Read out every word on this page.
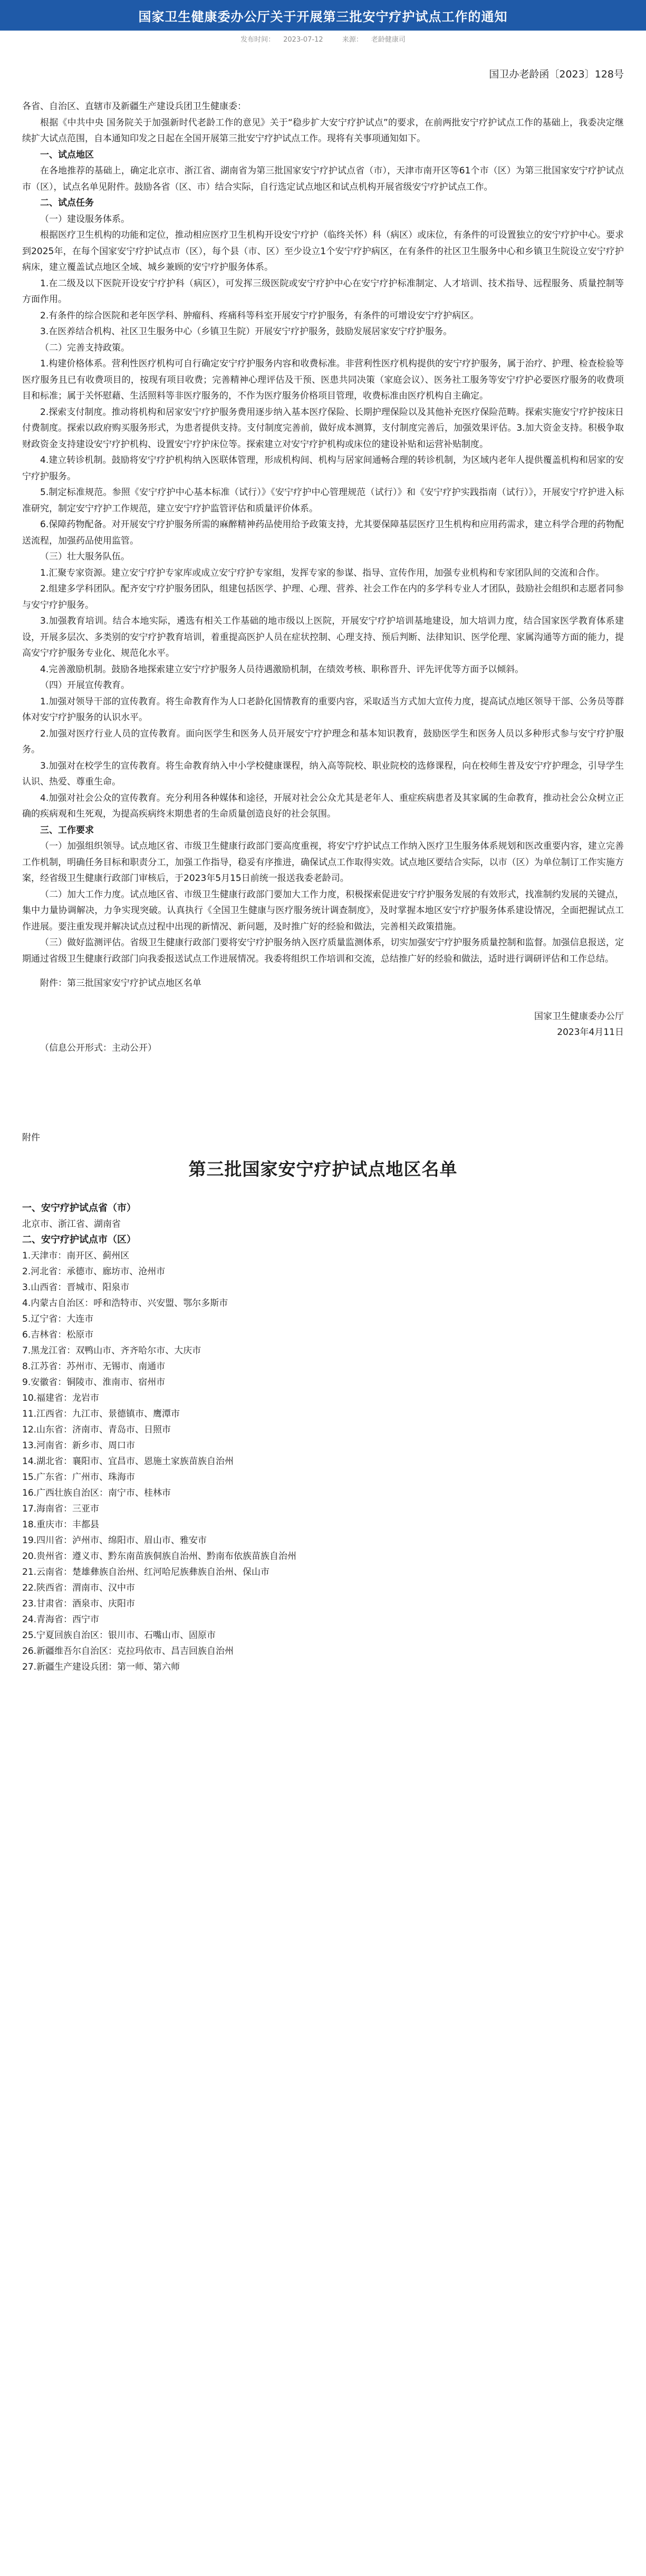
国家卫生健康委办公厅关于开展第三批安宁疗护试点工作的通知
发布时间： 2023-07-12	来源： 老龄健康司
国卫办老龄函〔2023〕128号

各省、自治区、直辖市及新疆生产建设兵团卫生健康委：

根据《中共中央 国务院关于加强新时代老龄工作的意见》关于“稳步扩大安宁疗护试点”的要求，在前两批安宁疗护试点工作的基础上，我委决定继续扩大试点范围，自本通知印发之日起在全国开展第三批安宁疗护试点工作。现将有关事项通知如下。

一、试点地区

在各地推荐的基础上，确定北京市、浙江省、湖南省为第三批国家安宁疗护试点省（市），天津市南开区等61个市（区）为第三批国家安宁疗护试点市（区），试点名单见附件。鼓励各省（区、市）结合实际，自行选定试点地区和试点机构开展省级安宁疗护试点工作。

二、试点任务

（一）建设服务体系。

根据医疗卫生机构的功能和定位，推动相应医疗卫生机构开设安宁疗护（临终关怀）科（病区）或床位，有条件的可设置独立的安宁疗护中心。要求到2025年，在每个国家安宁疗护试点市（区），每个县（市、区）至少设立1个安宁疗护病区，在有条件的社区卫生服务中心和乡镇卫生院设立安宁疗护病床，建立覆盖试点地区全域、城乡兼顾的安宁疗护服务体系。

1.在二级及以下医院开设安宁疗护科（病区），可发挥三级医院或安宁疗护中心在安宁疗护标准制定、人才培训、技术指导、远程服务、质量控制等方面作用。

2.有条件的综合医院和老年医学科、肿瘤科、疼痛科等科室开展安宁疗护服务，有条件的可增设安宁疗护病区。

3.在医养结合机构、社区卫生服务中心（乡镇卫生院）开展安宁疗护服务，鼓励发展居家安宁疗护服务。

（二）完善支持政策。

1.构建价格体系。营利性医疗机构可自行确定安宁疗护服务内容和收费标准。非营利性医疗机构提供的安宁疗护服务，属于治疗、护理、检查检验等医疗服务且已有收费项目的，按现有项目收费；完善精神心理评估及干预、医患共同决策（家庭会议）、医务社工服务等安宁疗护必要医疗服务的收费项目和标准；属于关怀慰藉、生活照料等非医疗服务的，不作为医疗服务价格项目管理，收费标准由医疗机构自主确定。

2.探索支付制度。推动将机构和居家安宁疗护服务费用逐步纳入基本医疗保险、长期护理保险以及其他补充医疗保险范畴。探索实施安宁疗护按床日付费制度。探索以政府购买服务形式，为患者提供支持。支付制度完善前，做好成本测算，支付制度完善后，加强效果评估。3.加大资金支持。积极争取财政资金支持建设安宁疗护机构、设置安宁疗护床位等。探索建立对安宁疗护机构或床位的建设补贴和运营补贴制度。

4.建立转诊机制。鼓励将安宁疗护机构纳入医联体管理，形成机构间、机构与居家间通畅合理的转诊机制，为区域内老年人提供覆盖机构和居家的安宁疗护服务。

5.制定标准规范。参照《安宁疗护中心基本标准（试行）》《安宁疗护中心管理规范（试行）》和《安宁疗护实践指南（试行）》，开展安宁疗护进入标准研究，制定安宁疗护工作规范，建立安宁疗护监管评估和质量评价体系。

6.保障药物配备。对开展安宁疗护服务所需的麻醉精神药品使用给予政策支持，尤其要保障基层医疗卫生机构和应用药需求，建立科学合理的药物配送流程，加强药品使用监管。

（三）壮大服务队伍。

1.汇聚专家资源。建立安宁疗护专家库或成立安宁疗护专家组，发挥专家的参谋、指导、宣传作用，加强专业机构和专家团队间的交流和合作。

2.组建多学科团队。配齐安宁疗护服务团队，组建包括医学、护理、心理、营养、社会工作在内的多学科专业人才团队，鼓励社会组织和志愿者同参与安宁疗护服务。

3.加强教育培训。结合本地实际，遴选有相关工作基础的地市级以上医院，开展安宁疗护培训基地建设，加大培训力度，结合国家医学教育体系建设，开展多层次、多类别的安宁疗护教育培训，着重提高医护人员在症状控制、心理支持、预后判断、法律知识、医学伦理、家属沟通等方面的能力，提高安宁疗护服务专业化、规范化水平。

4.完善激励机制。鼓励各地探索建立安宁疗护服务人员待遇激励机制，在绩效考核、职称晋升、评先评优等方面予以倾斜。

（四）开展宣传教育。

1.加强对领导干部的宣传教育。将生命教育作为人口老龄化国情教育的重要内容，采取适当方式加大宣传力度，提高试点地区领导干部、公务员等群体对安宁疗护服务的认识水平。

2.加强对医疗行业人员的宣传教育。面向医学生和医务人员开展安宁疗护理念和基本知识教育，鼓励医学生和医务人员以多种形式参与安宁疗护服务。

3.加强对在校学生的宣传教育。将生命教育纳入中小学校健康课程，纳入高等院校、职业院校的选修课程，向在校师生普及安宁疗护理念，引导学生认识、热爱、尊重生命。

4.加强对社会公众的宣传教育。充分利用各种媒体和途径，开展对社会公众尤其是老年人、重症疾病患者及其家属的生命教育，推动社会公众树立正确的疾病观和生死观，为提高疾病终末期患者的生命质量创造良好的社会氛围。

三、工作要求

（一）加强组织领导。试点地区省、市级卫生健康行政部门要高度重视，将安宁疗护试点工作纳入医疗卫生服务体系规划和医改重要内容，建立完善工作机制，明确任务目标和职责分工，加强工作指导，稳妥有序推进，确保试点工作取得实效。试点地区要结合实际，以市（区）为单位制订工作实施方案，经省级卫生健康行政部门审核后，于2023年5月15日前统一报送我委老龄司。

（二）加大工作力度。试点地区省、市级卫生健康行政部门要加大工作力度，积极探索促进安宁疗护服务发展的有效形式，找准制约发展的关键点，集中力量协调解决，力争实现突破。认真执行《全国卫生健康与医疗服务统计调查制度》，及时掌握本地区安宁疗护服务体系建设情况，全面把握试点工作进展。要注重发现并解决试点过程中出现的新情况、新问题，及时推广好的经验和做法，完善相关政策措施。

（三）做好监测评估。省级卫生健康行政部门要将安宁疗护服务纳入医疗质量监测体系，切实加强安宁疗护服务质量控制和监督。加强信息报送，定期通过省级卫生健康行政部门向我委报送试点工作进展情况。我委将组织工作培训和交流，总结推广好的经验和做法，适时进行调研评估和工作总结。

附件：第三批国家安宁疗护试点地区名单

国家卫生健康委办公厅
2023年4月11日

（信息公开形式：主动公开）

附件
第三批国家安宁疗护试点地区名单
一、安宁疗护试点省（市）
北京市、浙江省、湖南省
二、安宁疗护试点市（区）
1.天津市：南开区、蓟州区
2.河北省：承德市、廊坊市、沧州市
3.山西省：晋城市、阳泉市
4.内蒙古自治区：呼和浩特市、兴安盟、鄂尔多斯市
5.辽宁省：大连市
6.吉林省：松原市
7.黑龙江省：双鸭山市、齐齐哈尔市、大庆市
8.江苏省：苏州市、无锡市、南通市
9.安徽省：铜陵市、淮南市、宿州市
10.福建省：龙岩市
11.江西省：九江市、景德镇市、鹰潭市
12.山东省：济南市、青岛市、日照市
13.河南省：新乡市、周口市
14.湖北省：襄阳市、宜昌市、恩施土家族苗族自治州
15.广东省：广州市、珠海市
16.广西壮族自治区：南宁市、桂林市
17.海南省：三亚市
18.重庆市：丰都县
19.四川省：泸州市、绵阳市、眉山市、雅安市
20.贵州省：遵义市、黔东南苗族侗族自治州、黔南布依族苗族自治州
21.云南省：楚雄彝族自治州、红河哈尼族彝族自治州、保山市
22.陕西省：渭南市、汉中市
23.甘肃省：酒泉市、庆阳市
24.青海省：西宁市
25.宁夏回族自治区：银川市、石嘴山市、固原市
26.新疆维吾尔自治区：克拉玛依市、昌吉回族自治州
27.新疆生产建设兵团：第一师、第六师
